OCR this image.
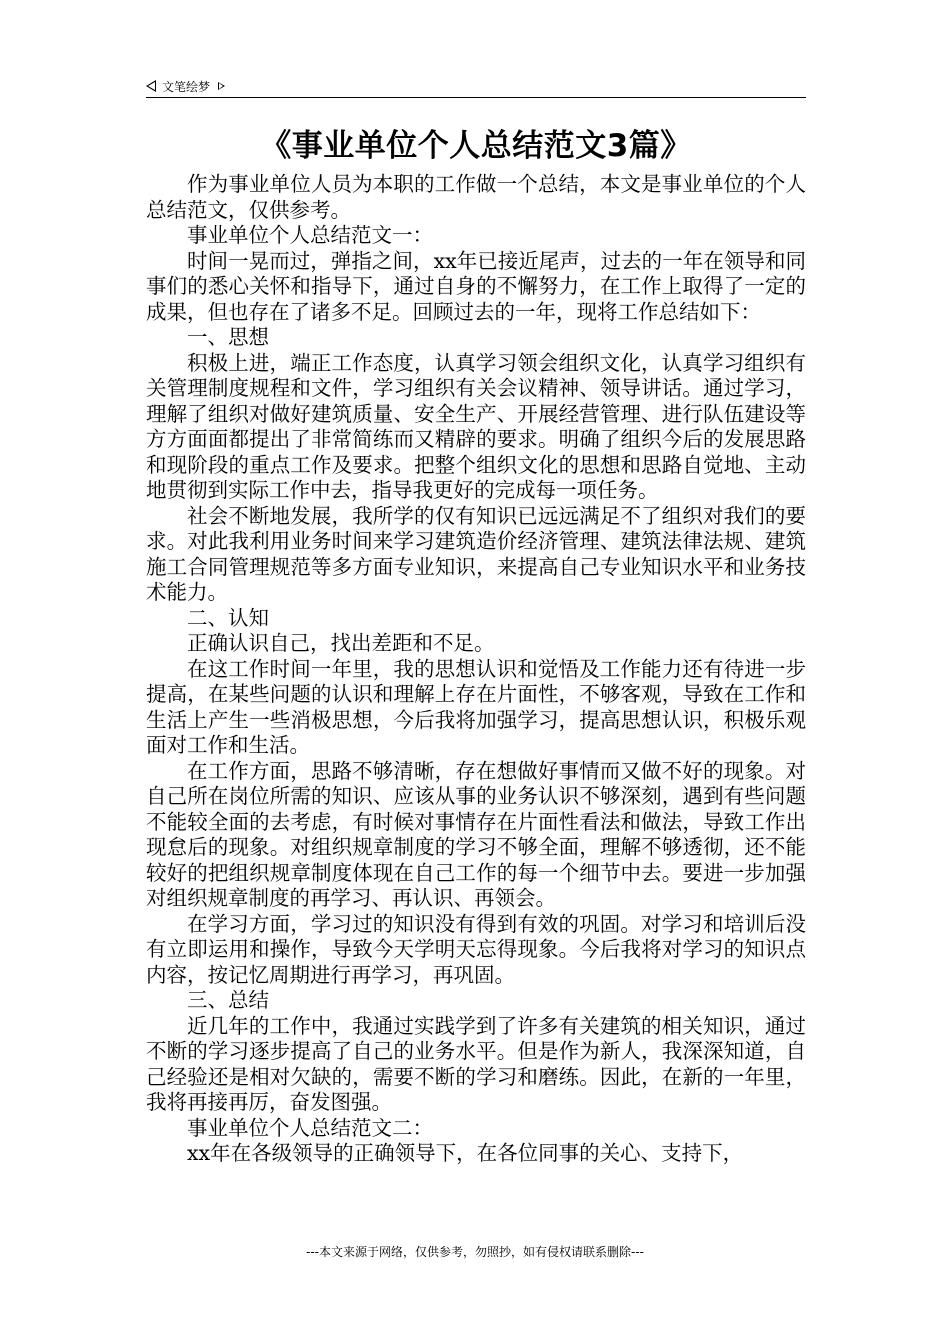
文笔绘梦
《事业单位个人总结范文3篇》

作为事业单位人员为本职的工作做一个总结，本文是事业单位的个人总结范文，仅供参考。

事业单位个人总结范文一：

时间一晃而过，弹指之间，xx年已接近尾声，过去的一年在领导和同事们的悉心关怀和指导下，通过自身的不懈努力，在工作上取得了一定的成果，但也存在了诸多不足。回顾过去的一年，现将工作总结如下：

一、思想

积极上进，端正工作态度，认真学习领会组织文化，认真学习组织有关管理制度规程和文件，学习组织有关会议精神、领导讲话。通过学习，理解了组织对做好建筑质量、安全生产、开展经营管理、进行队伍建设等方方面面都提出了非常简练而又精辟的要求。明确了组织今后的发展思路和现阶段的重点工作及要求。把整个组织文化的思想和思路自觉地、主动地贯彻到实际工作中去，指导我更好的完成每一项任务。

社会不断地发展，我所学的仅有知识已远远满足不了组织对我们的要求。对此我利用业务时间来学习建筑造价经济管理、建筑法律法规、建筑施工合同管理规范等多方面专业知识，来提高自己专业知识水平和业务技术能力。

二、认知

正确认识自己，找出差距和不足。

在这工作时间一年里，我的思想认识和觉悟及工作能力还有待进一步提高，在某些问题的认识和理解上存在片面性，不够客观，导致在工作和生活上产生一些消极思想，今后我将加强学习，提高思想认识，积极乐观面对工作和生活。

在工作方面，思路不够清晰，存在想做好事情而又做不好的现象。对自己所在岗位所需的知识、应该从事的业务认识不够深刻，遇到有些问题不能较全面的去考虑，有时候对事情存在片面性看法和做法，导致工作出现怠后的现象。对组织规章制度的学习不够全面，理解不够透彻，还不能较好的把组织规章制度体现在自己工作的每一个细节中去。要进一步加强对组织规章制度的再学习、再认识、再领会。

在学习方面，学习过的知识没有得到有效的巩固。对学习和培训后没有立即运用和操作，导致今天学明天忘得现象。今后我将对学习的知识点内容，按记忆周期进行再学习，再巩固。

三、总结

近几年的工作中，我通过实践学到了许多有关建筑的相关知识，通过不断的学习逐步提高了自己的业务水平。但是作为新人，我深深知道，自己经验还是相对欠缺的，需要不断的学习和磨练。因此，在新的一年里，我将再接再厉，奋发图强。

事业单位个人总结范文二：

xx年在各级领导的正确领导下，在各位同事的关心、支持下，

---本文来源于网络，仅供参考，勿照抄，如有侵权请联系删除---
